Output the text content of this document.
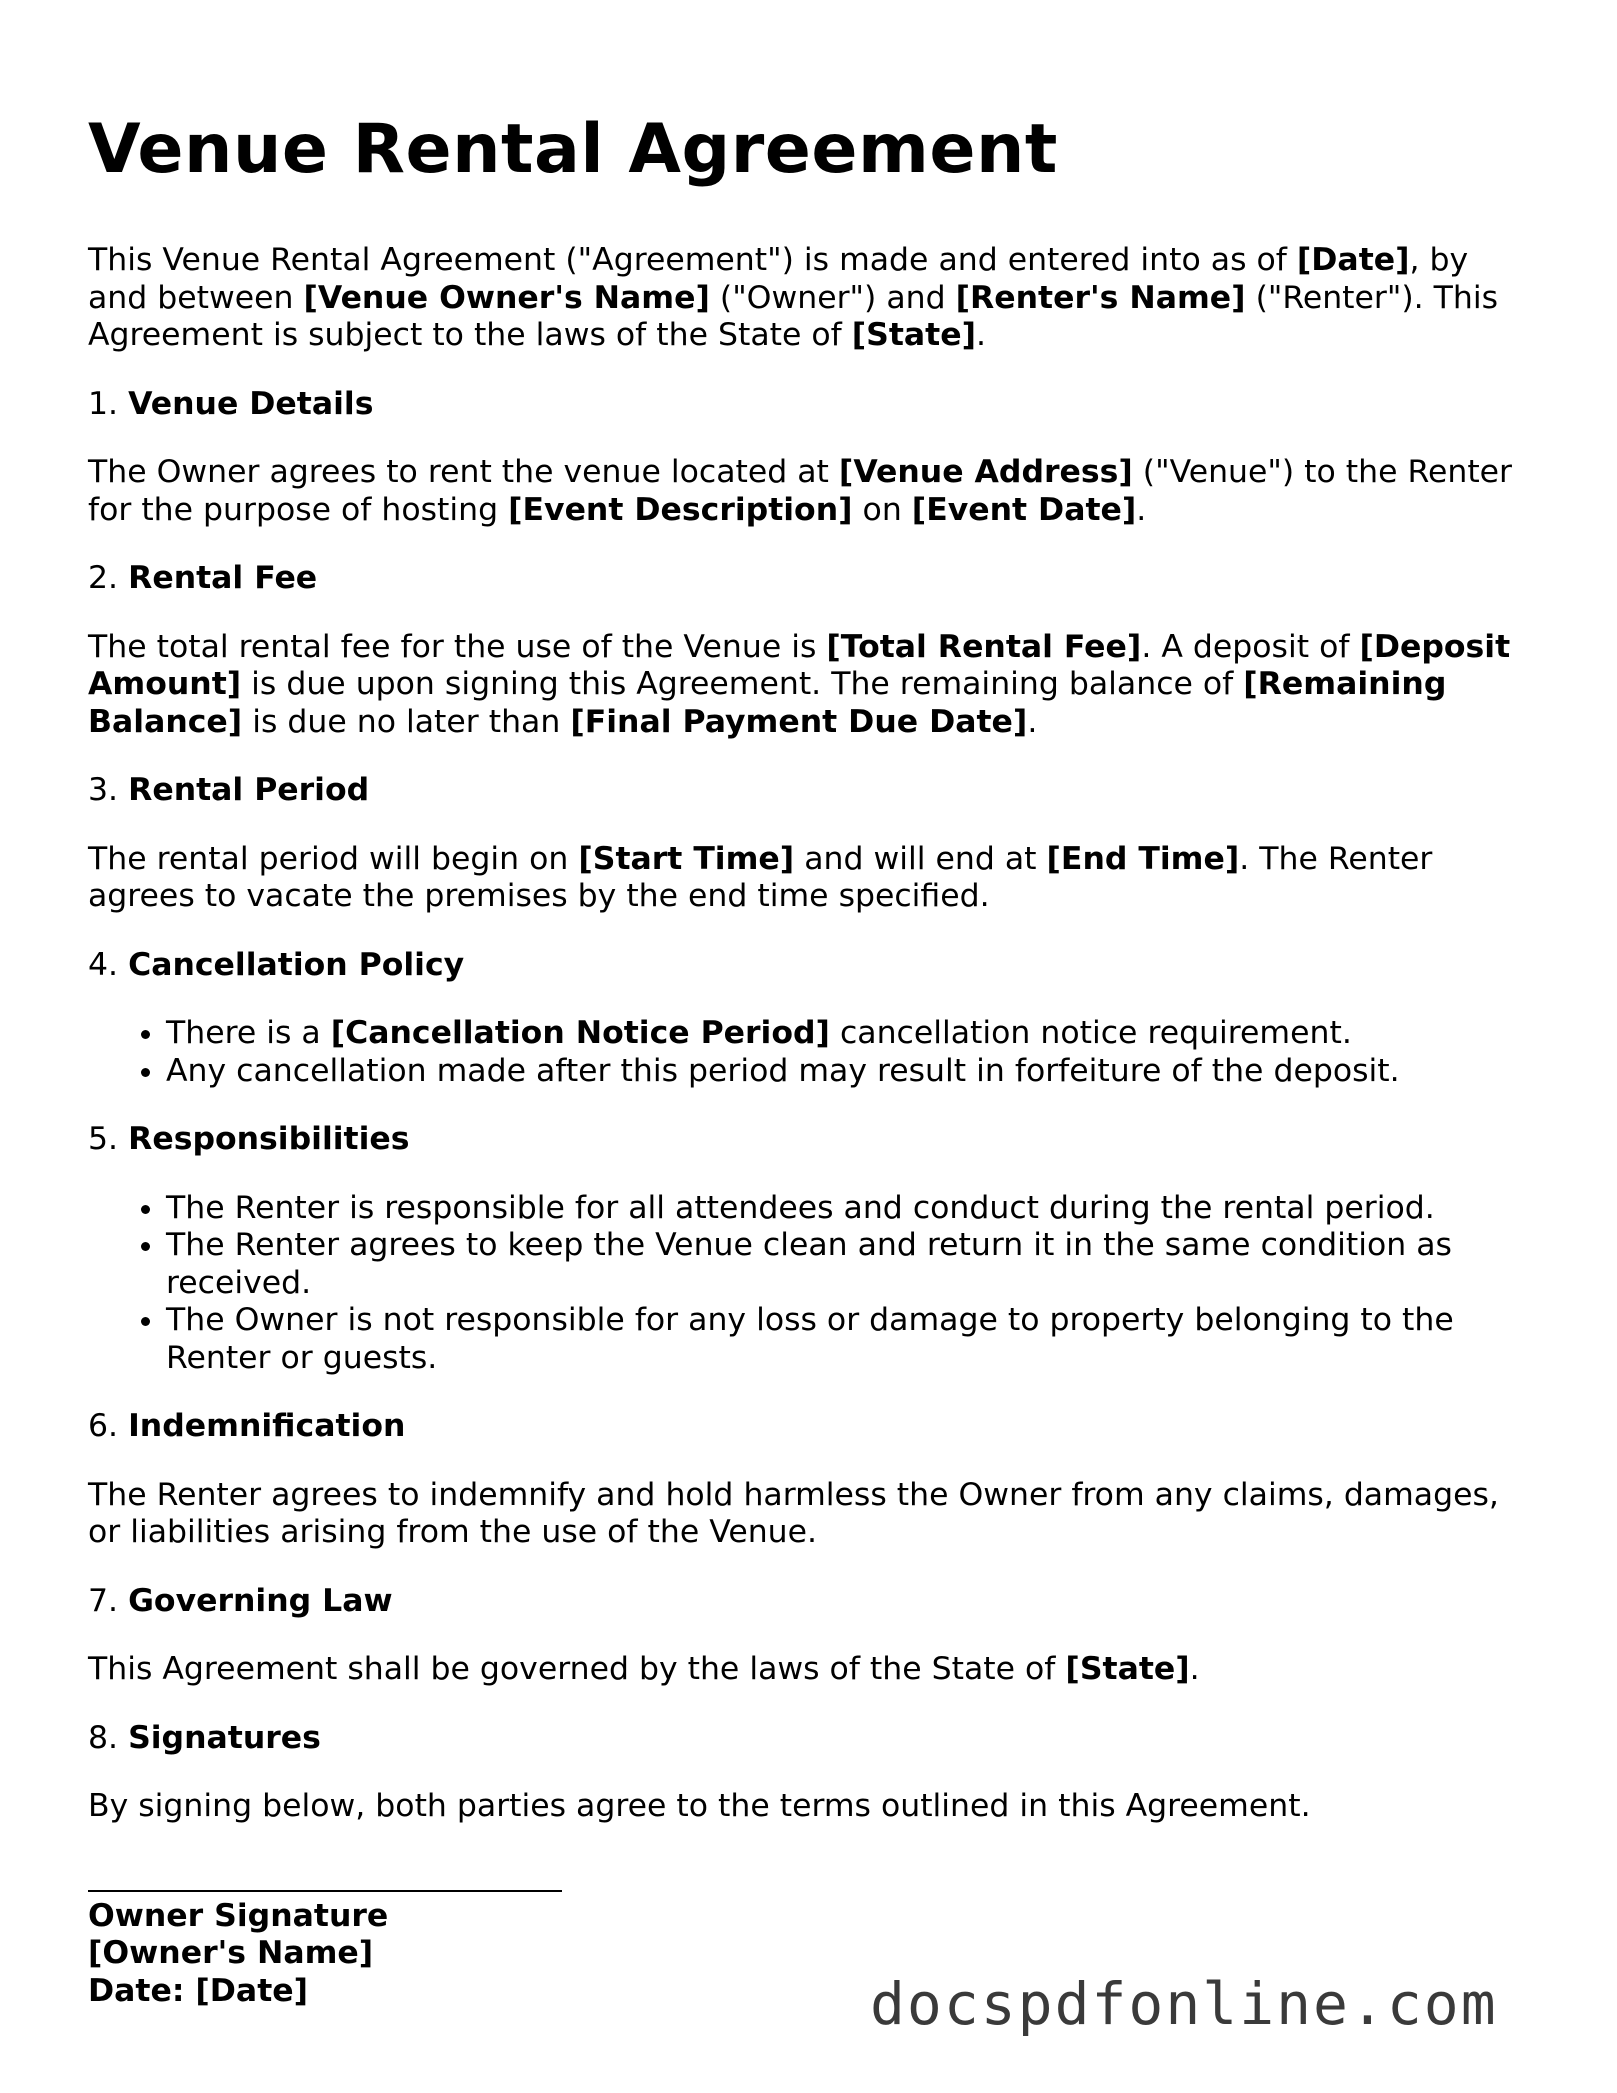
Venue Rental Agreement

This Venue Rental Agreement ("Agreement") is made and entered into as of [Date], by and between [Venue Owner's Name] ("Owner") and [Renter's Name] ("Renter"). This Agreement is subject to the laws of the State of [State].

1. Venue Details

The Owner agrees to rent the venue located at [Venue Address] ("Venue") to the Renter for the purpose of hosting [Event Description] on [Event Date].

2. Rental Fee

The total rental fee for the use of the Venue is [Total Rental Fee]. A deposit of [Deposit Amount] is due upon signing this Agreement. The remaining balance of [Remaining Balance] is due no later than [Final Payment Due Date].

3. Rental Period

The rental period will begin on [Start Time] and will end at [End Time]. The Renter agrees to vacate the premises by the end time specified.

4. Cancellation Policy
• There is a [Cancellation Notice Period] cancellation notice requirement.
• Any cancellation made after this period may result in forfeiture of the deposit.
5. Responsibilities
• The Renter is responsible for all attendees and conduct during the rental period.
• The Renter agrees to keep the Venue clean and return it in the same condition as received.
• The Owner is not responsible for any loss or damage to property belonging to the Renter or guests.
6. Indemnification

The Renter agrees to indemnify and hold harmless the Owner from any claims, damages, or liabilities arising from the use of the Venue.

7. Governing Law

This Agreement shall be governed by the laws of the State of [State].

8. Signatures

By signing below, both parties agree to the terms outlined in this Agreement.

Owner Signature
[Owner's Name]
Date: [Date]	docspdfonline.com
